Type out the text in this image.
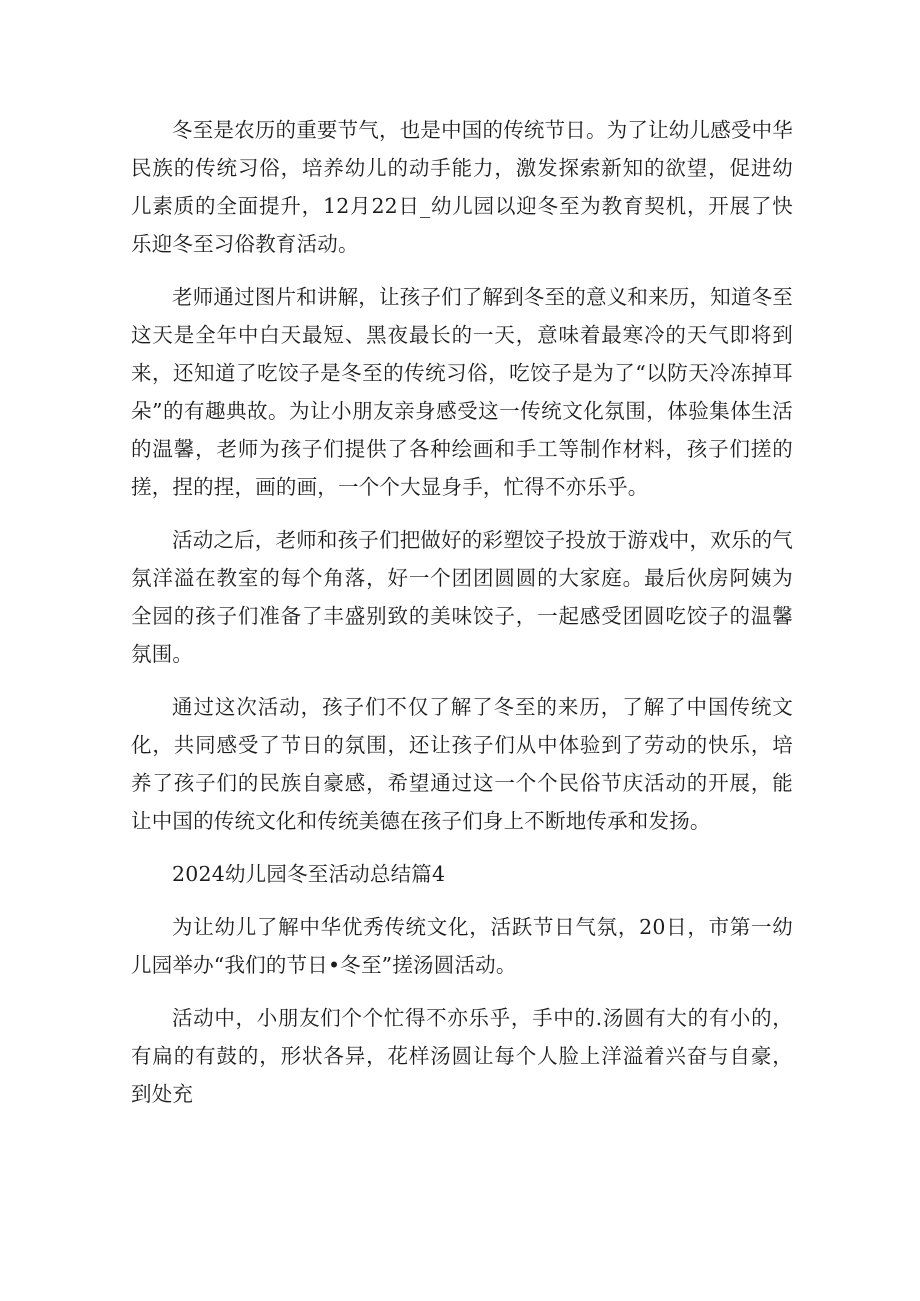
冬至是农历的重要节气，也是中国的传统节日。为了让幼儿感受中华民族的传统习俗，培养幼儿的动手能力，激发探索新知的欲望，促进幼儿素质的全面提升，12月22日_幼儿园以迎冬至为教育契机，开展了快乐迎冬至习俗教育活动。

老师通过图片和讲解，让孩子们了解到冬至的意义和来历，知道冬至这天是全年中白天最短、黑夜最长的一天，意味着最寒冷的天气即将到来，还知道了吃饺子是冬至的传统习俗，吃饺子是为了“以防天冷冻掉耳朵”的有趣典故。为让小朋友亲身感受这一传统文化氛围，体验集体生活的温馨，老师为孩子们提供了各种绘画和手工等制作材料，孩子们搓的搓，捏的捏，画的画，一个个大显身手，忙得不亦乐乎。

活动之后，老师和孩子们把做好的彩塑饺子投放于游戏中，欢乐的气氛洋溢在教室的每个角落，好一个团团圆圆的大家庭。最后伙房阿姨为全园的孩子们准备了丰盛别致的美味饺子，一起感受团圆吃饺子的温馨氛围。

通过这次活动，孩子们不仅了解了冬至的来历，了解了中国传统文化，共同感受了节日的氛围，还让孩子们从中体验到了劳动的快乐，培养了孩子们的民族自豪感，希望通过这一个个民俗节庆活动的开展，能让中国的传统文化和传统美德在孩子们身上不断地传承和发扬。

2024幼儿园冬至活动总结篇4

为让幼儿了解中华优秀传统文化，活跃节日气氛，20日，市第一幼儿园举办“我们的节日•冬至”搓汤圆活动。

活动中，小朋友们个个忙得不亦乐乎，手中的.汤圆有大的有小的，有扁的有鼓的，形状各异，花样汤圆让每个人脸上洋溢着兴奋与自豪，到处充
